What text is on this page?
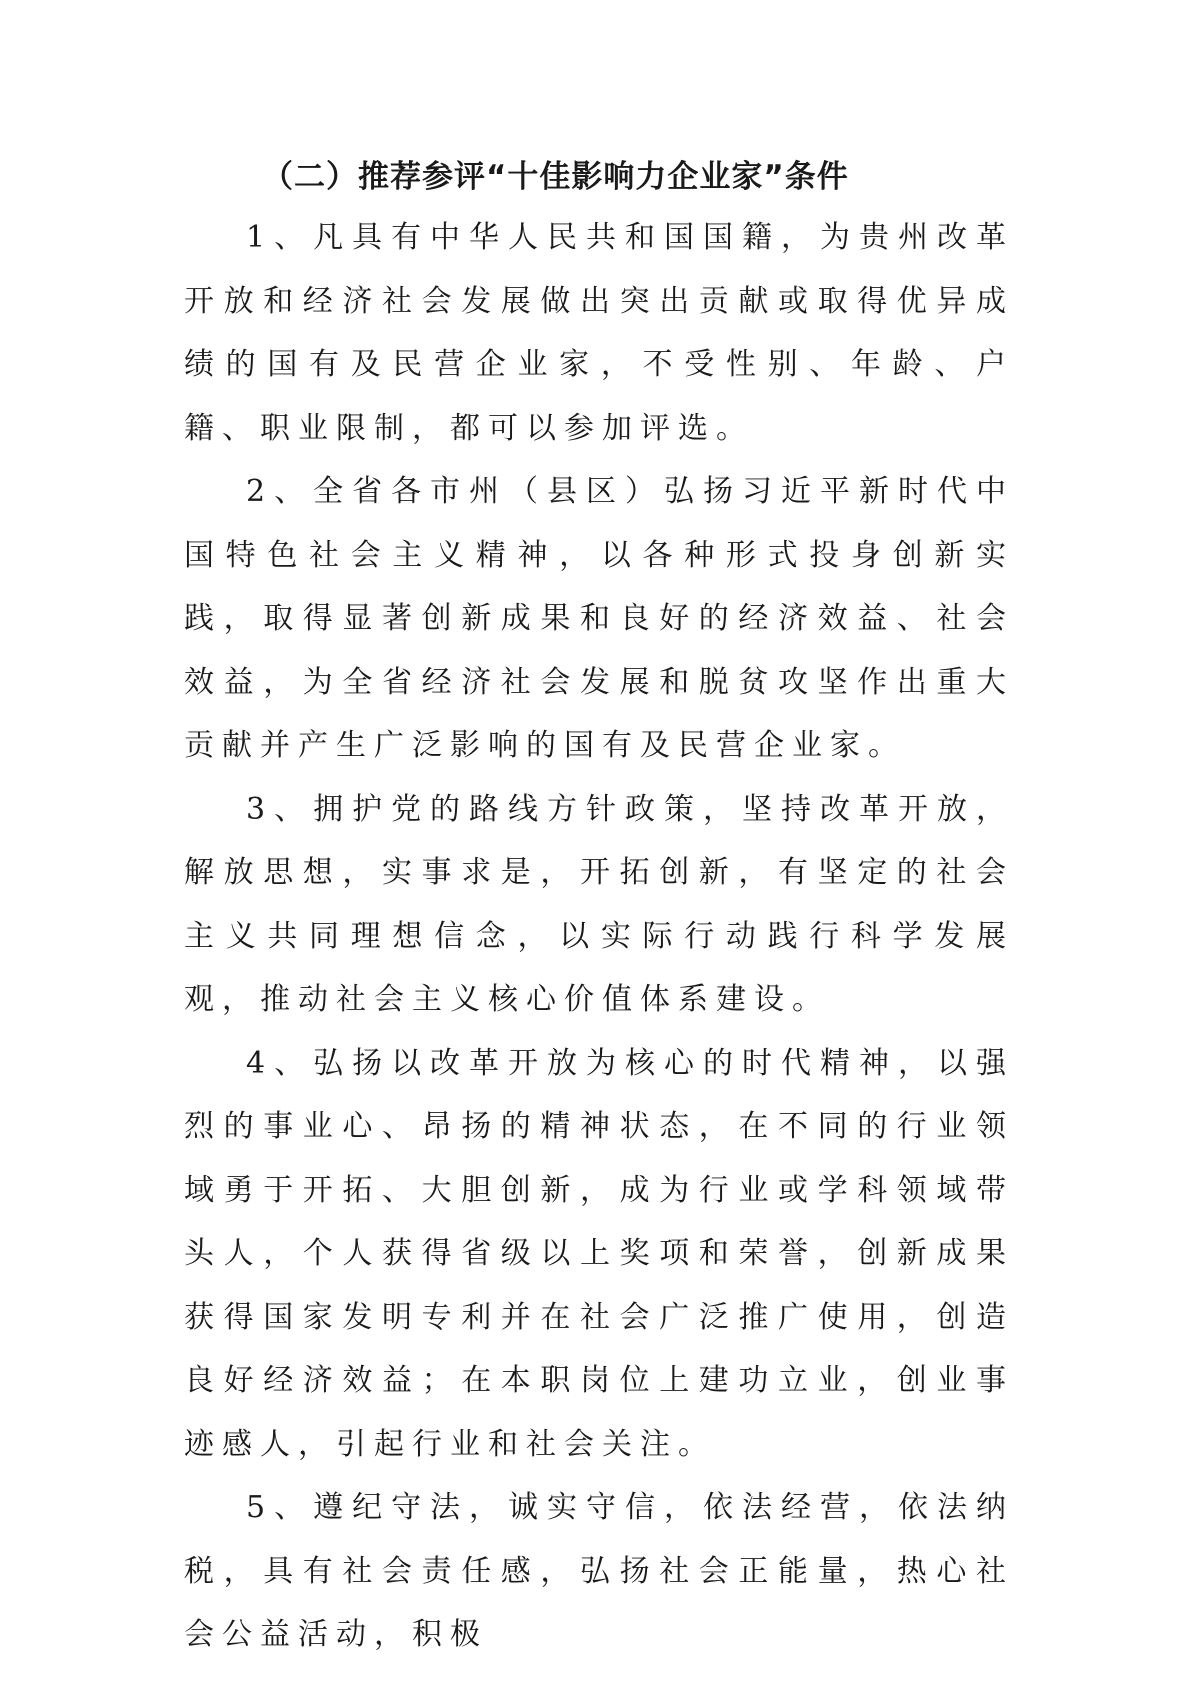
（二）推荐参评“十佳影响力企业家”条件

1、凡具有中华人民共和国国籍，为贵州改革开放和经济社会发展做出突出贡献或取得优异成绩的国有及民营企业家，不受性别、年龄、户籍、职业限制，都可以参加评选。

2、全省各市州（县区）弘扬习近平新时代中国特色社会主义精神，以各种形式投身创新实践，取得显著创新成果和良好的经济效益、社会效益，为全省经济社会发展和脱贫攻坚作出重大贡献并产生广泛影响的国有及民营企业家。

3、拥护党的路线方针政策，坚持改革开放，解放思想，实事求是，开拓创新，有坚定的社会主义共同理想信念，以实际行动践行科学发展观，推动社会主义核心价值体系建设。

4、弘扬以改革开放为核心的时代精神，以强烈的事业心、昂扬的精神状态，在不同的行业领域勇于开拓、大胆创新，成为行业或学科领域带头人，个人获得省级以上奖项和荣誉，创新成果获得国家发明专利并在社会广泛推广使用，创造良好经济效益；在本职岗位上建功立业，创业事迹感人，引起行业和社会关注。

5、遵纪守法，诚实守信，依法经营，依法纳税，具有社会责任感，弘扬社会正能量，热心社会公益活动，积极
